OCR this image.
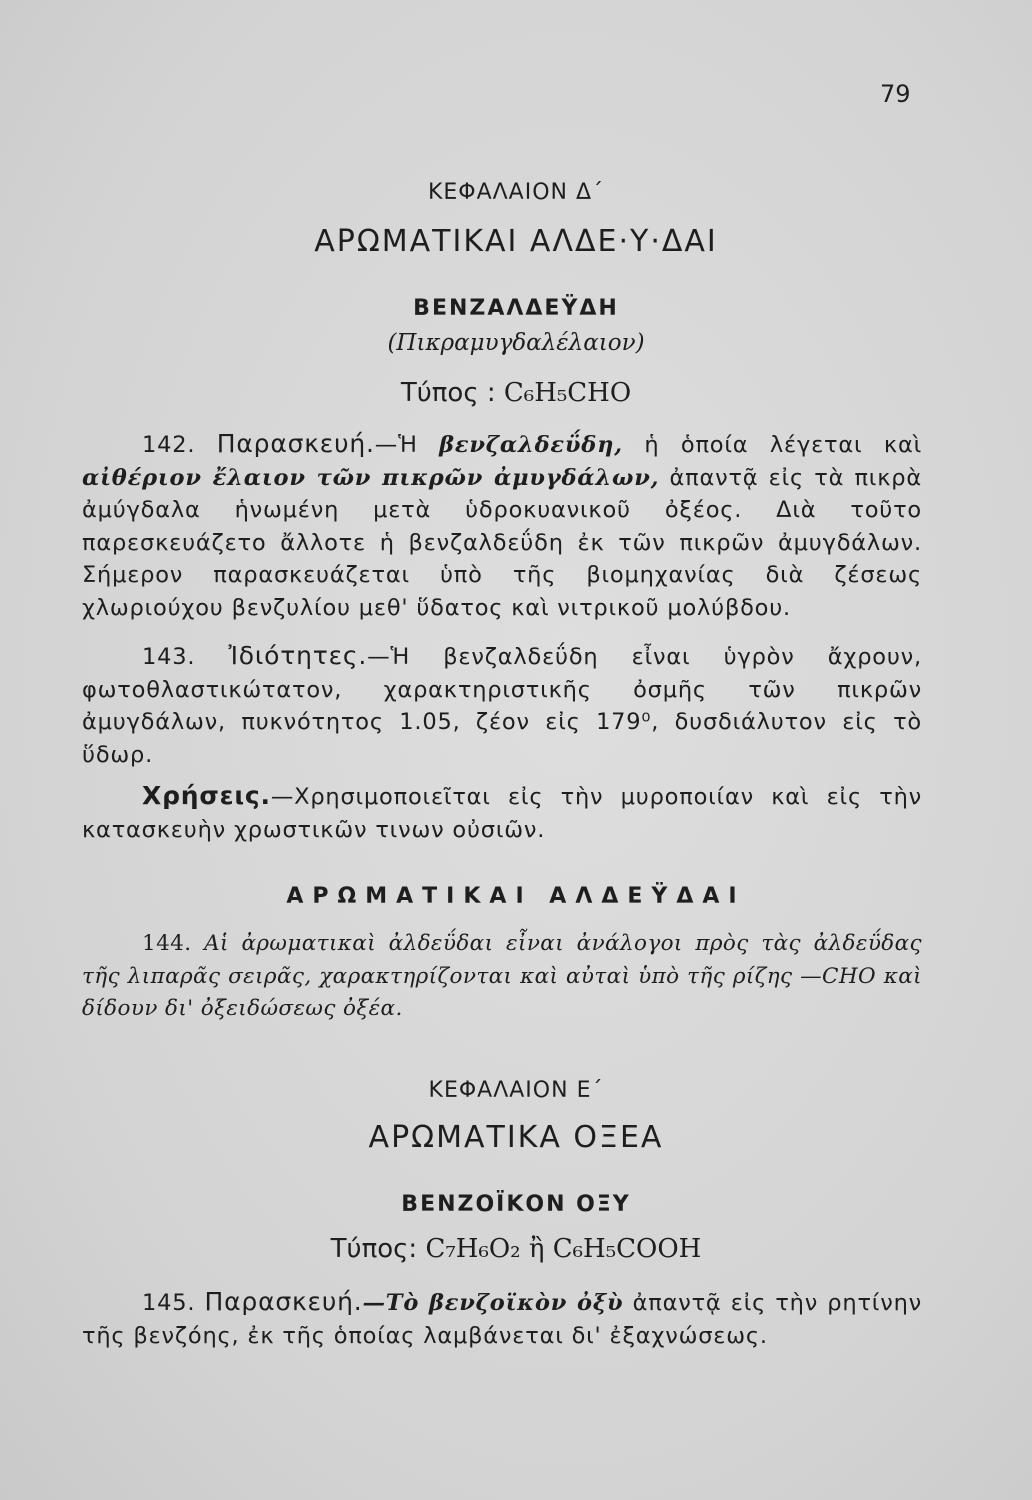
79
ΚΕΦΑΛΑΙΟΝ Δ΄
ΑΡΩΜΑΤΙΚΑΙ ΑΛΔΕ·Υ·ΔΑΙ
ΒΕΝΖΑΛΔΕΫΔΗ
(Πικραμυγδαλέλαιον)
Τύπος : C₆H₅CHO
142. Παρασκευή.—Ἡ βενζαλδεΰδη, ἡ ὁποία λέγεται καὶ αἰθέριον ἔλαιον τῶν πικρῶν ἀμυγδάλων, ἀπαντᾷ εἰς τὰ πικρὰ ἀμύγδαλα ἡνωμένη μετὰ ὑδροκυανικοῦ ὀξέος. Διὰ τοῦτο παρεσκευάζετο ἄλλοτε ἡ βενζαλδεΰδη ἐκ τῶν πικρῶν ἀμυγδάλων. Σήμερον παρασκευάζεται ὑπὸ τῆς βιομηχανίας διὰ ζέσεως χλωριούχου βενζυλίου μεθ' ὕδατος καὶ νιτρικοῦ μολύβδου.
143. Ἰδιότητες.—Ἡ βενζαλδεΰδη εἶναι ὑγρὸν ἄχρουν, φωτοθλαστικώτατον, χαρακτηριστικῆς ὀσμῆς τῶν πικρῶν ἀμυγδάλων, πυκνότητος 1.05, ζέον εἰς 179⁰, δυσδιάλυτον εἰς τὸ ὕδωρ.
Χρήσεις.—Χρησιμοποιεῖται εἰς τὴν μυροποιίαν καὶ εἰς τὴν κατασκευὴν χρωστικῶν τινων οὐσιῶν.
ΑΡΩΜΑΤΙΚΑΙ ΑΛΔΕΫΔΑΙ
144. Αἱ ἀρωματικαὶ ἀλδεΰδαι εἶναι ἀνάλογοι πρὸς τὰς ἀλδεΰδας τῆς λιπαρᾶς σειρᾶς, χαρακτηρίζονται καὶ αὐταὶ ὑπὸ τῆς ρίζης —CHO καὶ δίδουν δι' ὀξειδώσεως ὀξέα.
ΚΕΦΑΛΑΙΟΝ Ε΄
ΑΡΩΜΑΤΙΚΑ ΟΞΕΑ
ΒΕΝΖΟΪΚΟΝ ΟΞΥ
Τύπος: C₇H₆O₂ ἢ C₆H₅COOH
145. Παρασκευή.—Τὸ βενζοϊκὸν ὀξὺ ἀπαντᾷ εἰς τὴν ρητίνην τῆς βενζόης, ἐκ τῆς ὁποίας λαμβάνεται δι' ἐξαχνώσεως.
